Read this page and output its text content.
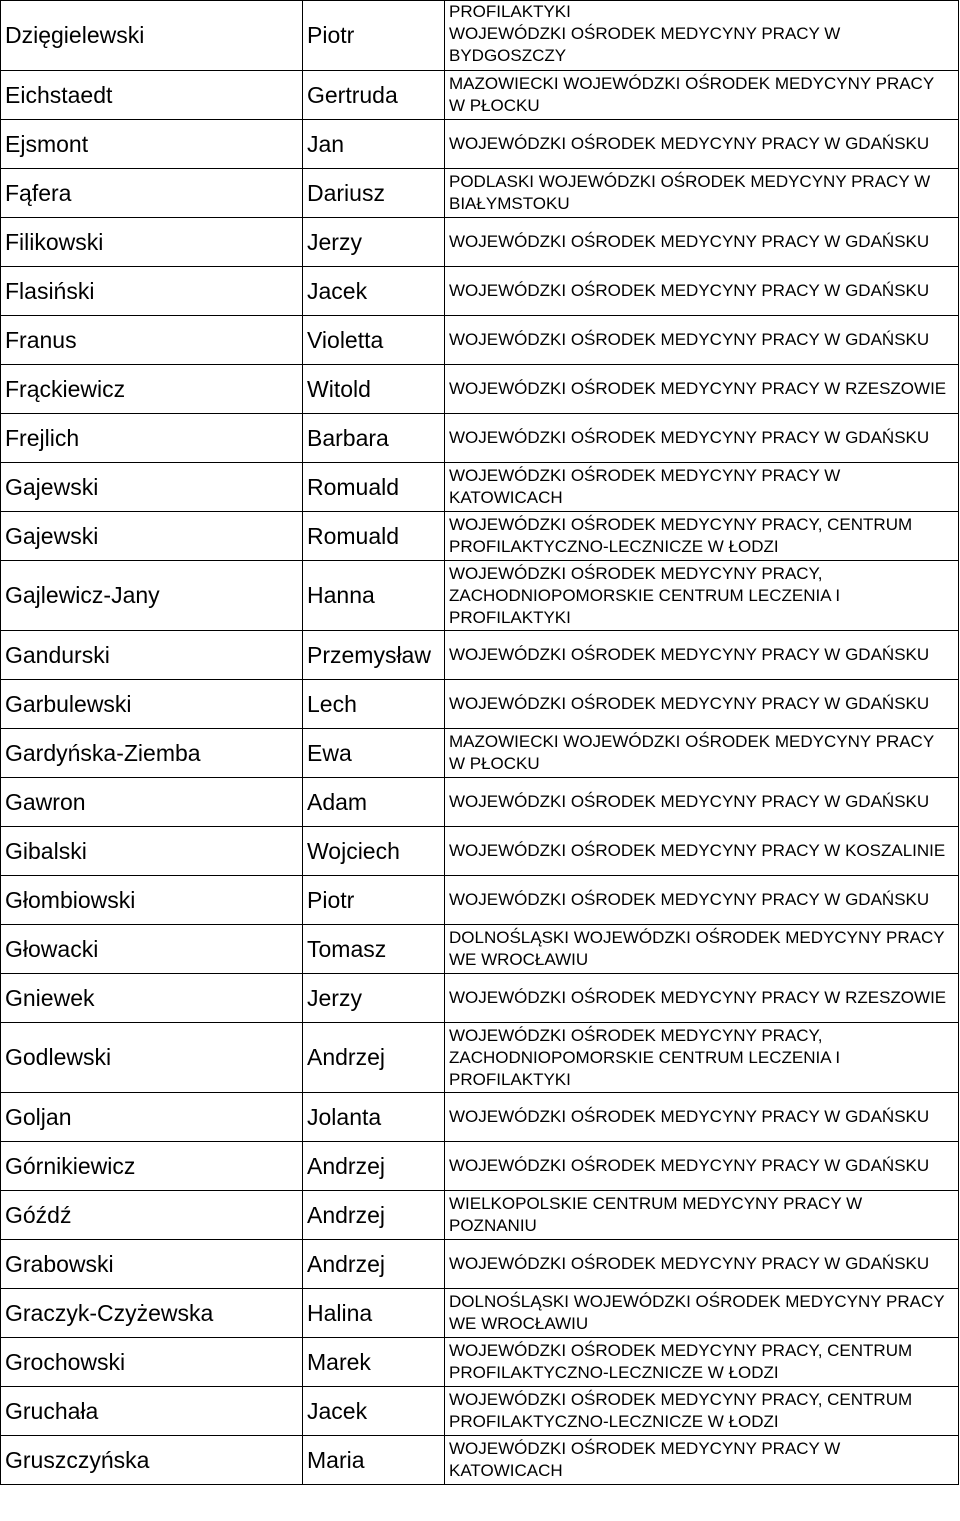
Dzięgielewski	Piotr	PROFILAKTYKI
WOJEWÓDZKI OŚRODEK MEDYCYNY PRACY W BYDGOSZCZY
Eichstaedt	Gertruda	MAZOWIECKI WOJEWÓDZKI OŚRODEK MEDYCYNY PRACY W PŁOCKU
Ejsmont	Jan	WOJEWÓDZKI OŚRODEK MEDYCYNY PRACY W GDAŃSKU
Fąfera	Dariusz	PODLASKI WOJEWÓDZKI OŚRODEK MEDYCYNY PRACY W BIAŁYMSTOKU
Filikowski	Jerzy	WOJEWÓDZKI OŚRODEK MEDYCYNY PRACY W GDAŃSKU
Flasiński	Jacek	WOJEWÓDZKI OŚRODEK MEDYCYNY PRACY W GDAŃSKU
Franus	Violetta	WOJEWÓDZKI OŚRODEK MEDYCYNY PRACY W GDAŃSKU
Frąckiewicz	Witold	WOJEWÓDZKI OŚRODEK MEDYCYNY PRACY W RZESZOWIE
Frejlich	Barbara	WOJEWÓDZKI OŚRODEK MEDYCYNY PRACY W GDAŃSKU
Gajewski	Romuald	WOJEWÓDZKI OŚRODEK MEDYCYNY PRACY W KATOWICACH
Gajewski	Romuald	WOJEWÓDZKI OŚRODEK MEDYCYNY PRACY, CENTRUM PROFILAKTYCZNO-LECZNICZE W ŁODZI
Gajlewicz-Jany	Hanna	WOJEWÓDZKI OŚRODEK MEDYCYNY PRACY, ZACHODNIOPOMORSKIE CENTRUM LECZENIA I PROFILAKTYKI
Gandurski	Przemysław	WOJEWÓDZKI OŚRODEK MEDYCYNY PRACY W GDAŃSKU
Garbulewski	Lech	WOJEWÓDZKI OŚRODEK MEDYCYNY PRACY W GDAŃSKU
Gardyńska-Ziemba	Ewa	MAZOWIECKI WOJEWÓDZKI OŚRODEK MEDYCYNY PRACY W PŁOCKU
Gawron	Adam	WOJEWÓDZKI OŚRODEK MEDYCYNY PRACY W GDAŃSKU
Gibalski	Wojciech	WOJEWÓDZKI OŚRODEK MEDYCYNY PRACY W KOSZALINIE
Głombiowski	Piotr	WOJEWÓDZKI OŚRODEK MEDYCYNY PRACY W GDAŃSKU
Głowacki	Tomasz	DOLNOŚLĄSKI WOJEWÓDZKI OŚRODEK MEDYCYNY PRACY WE WROCŁAWIU
Gniewek	Jerzy	WOJEWÓDZKI OŚRODEK MEDYCYNY PRACY W RZESZOWIE
Godlewski	Andrzej	WOJEWÓDZKI OŚRODEK MEDYCYNY PRACY, ZACHODNIOPOMORSKIE CENTRUM LECZENIA I PROFILAKTYKI
Goljan	Jolanta	WOJEWÓDZKI OŚRODEK MEDYCYNY PRACY W GDAŃSKU
Górnikiewicz	Andrzej	WOJEWÓDZKI OŚRODEK MEDYCYNY PRACY W GDAŃSKU
Góźdź	Andrzej	WIELKOPOLSKIE CENTRUM MEDYCYNY PRACY W POZNANIU
Grabowski	Andrzej	WOJEWÓDZKI OŚRODEK MEDYCYNY PRACY W GDAŃSKU
Graczyk-Czyżewska	Halina	DOLNOŚLĄSKI WOJEWÓDZKI OŚRODEK MEDYCYNY PRACY WE WROCŁAWIU
Grochowski	Marek	WOJEWÓDZKI OŚRODEK MEDYCYNY PRACY, CENTRUM PROFILAKTYCZNO-LECZNICZE W ŁODZI
Gruchała	Jacek	WOJEWÓDZKI OŚRODEK MEDYCYNY PRACY, CENTRUM PROFILAKTYCZNO-LECZNICZE W ŁODZI
Gruszczyńska	Maria	WOJEWÓDZKI OŚRODEK MEDYCYNY PRACY W KATOWICACH
